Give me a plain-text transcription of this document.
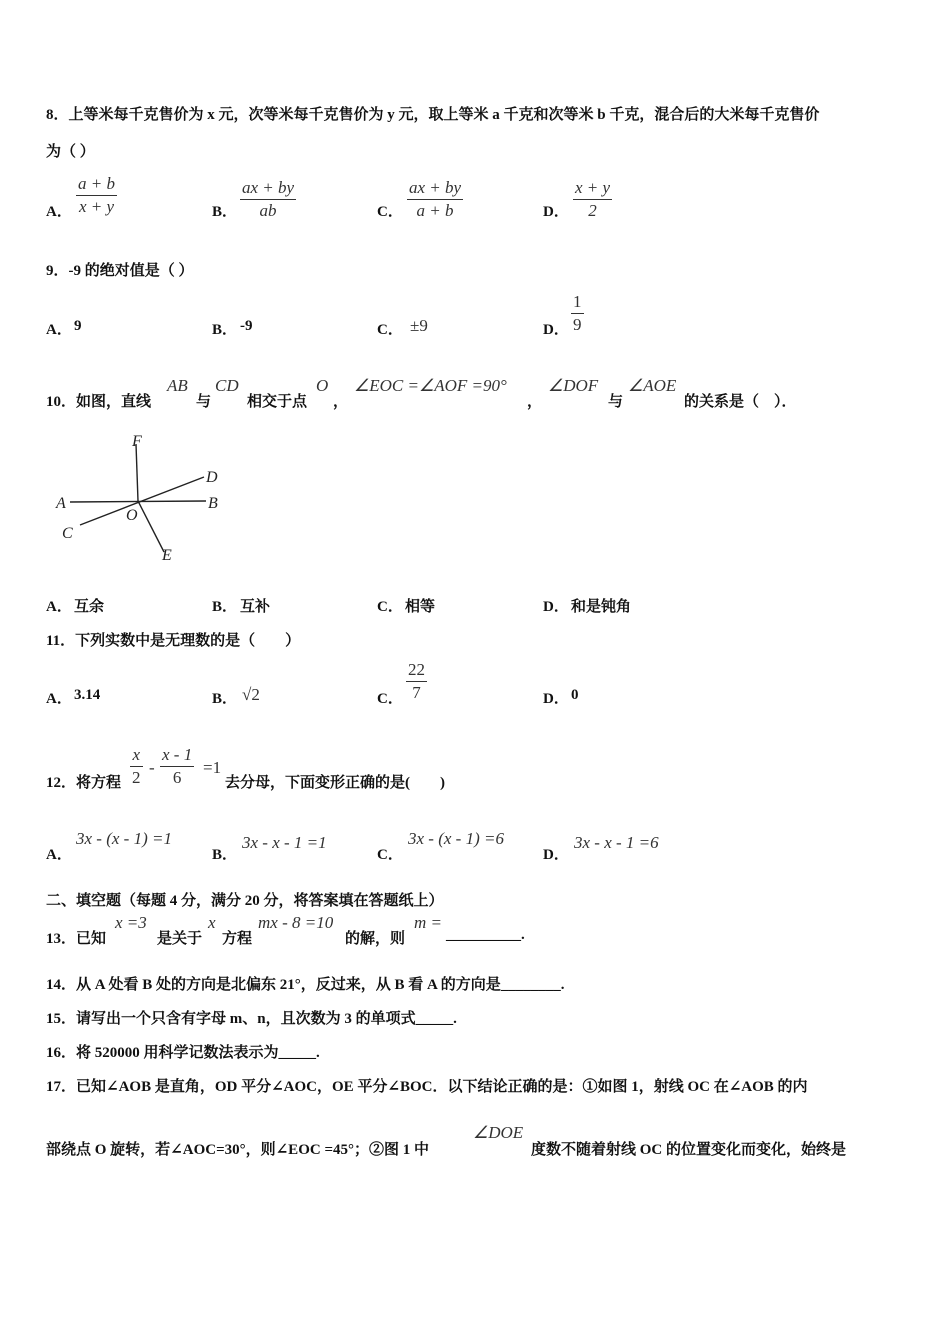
8．上等米每千克售价为 x 元，次等米每千克售价为 y 元，取上等米 a 千克和次等米 b 千克，混合后的大米每千克售价
为（ ）
A．
a + b
x + y	B．
ax + by
ab	C．
ax + by
a + b	D．
x + y
2
9．-9 的绝对值是（ ）
A． 9	B． -9	C． ±9	D．
1
9
10．如图，直线
AB
与
CD
相交于点
O
，
∠EOC =∠AOF =90°
，
∠DOF
与
∠AOE
的关系是（　）．
F
D
A	B
O
C
E
A． 互余	B． 互补	C． 相等	D． 和是钝角
11．下列实数中是无理数的是（　　）
A． 3.14	B． √2	C．
22
7	D． 0
12．将方程
x
2
-
x - 1
6
=1
去分母，下面变形正确的是(　　)
A．
3x - (x - 1) =1
B．
3x - x - 1 =1
C．
3x - (x - 1) =6
D．
3x - x - 1 =6
二、填空题（每题 4 分，满分 20 分，将答案填在答题纸上）
13．已知
x =3
是关于
x
方程
mx - 8 =10
的解，则
m =
__________.
14．从 A 处看 B 处的方向是北偏东 21°，反过来，从 B 看 A 的方向是________.
15．请写出一个只含有字母 m、n，且次数为 3 的单项式_____.
16．将 520000 用科学记数法表示为_____.
17．已知∠AOB 是直角，OD 平分∠AOC，OE 平分∠BOC．以下结论正确的是：①如图 1，射线 OC 在∠AOB 的内
部绕点 O 旋转，若∠AOC=30°，则∠EOC =45°；②图 1 中
∠DOE
度数不随着射线 OC 的位置变化而变化，始终是
